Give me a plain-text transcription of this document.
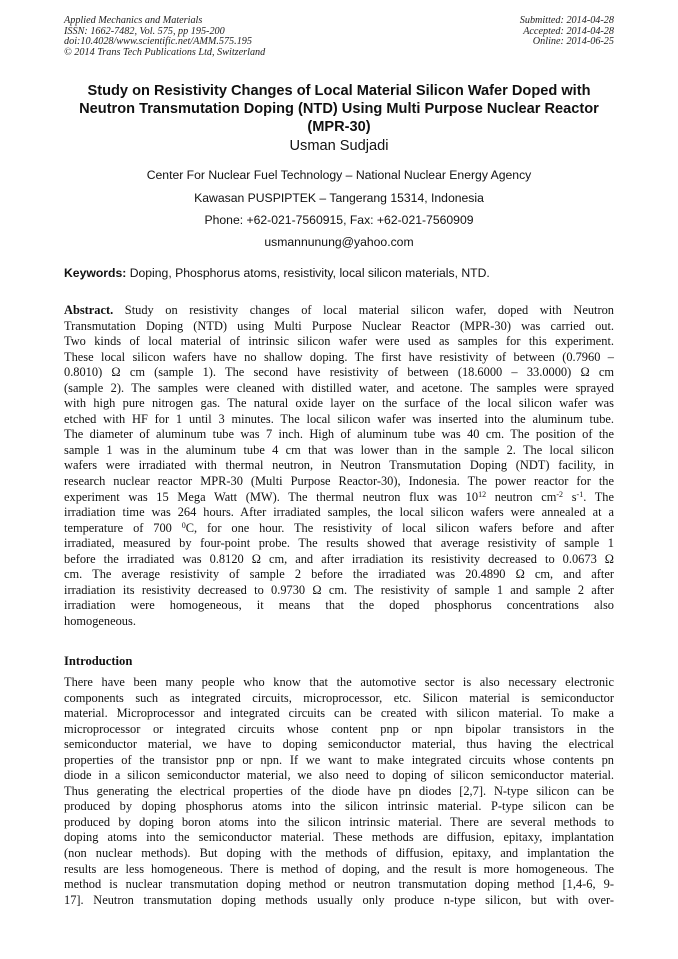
Applied Mechanics and Materials
ISSN: 1662-7482, Vol. 575, pp 195-200
doi:10.4028/www.scientific.net/AMM.575.195
© 2014 Trans Tech Publications Ltd, Switzerland
Submitted: 2014-04-28
Accepted: 2014-04-28
Online: 2014-06-25
Study on Resistivity Changes of Local Material Silicon Wafer Doped with Neutron Transmutation Doping (NTD) Using Multi Purpose Nuclear Reactor (MPR-30)
Usman Sudjadi
Center For Nuclear Fuel Technology – National Nuclear Energy Agency
Kawasan PUSPIPTEK – Tangerang 15314, Indonesia
Phone: +62-021-7560915, Fax: +62-021-7560909
usmannunung@yahoo.com
Keywords: Doping, Phosphorus atoms, resistivity, local silicon materials, NTD.
Abstract. Study on resistivity changes of local material silicon wafer, doped with Neutron
Transmutation Doping (NTD) using Multi Purpose Nuclear Reactor (MPR-30) was carried out.
Two kinds of local material of intrinsic silicon wafer were used as samples for this experiment.
These local silicon wafers have no shallow doping. The first have resistivity of between (0.7960 –
0.8010) Ω cm (sample 1). The second have resistivity of between (18.6000 – 33.0000) Ω cm
(sample 2). The samples were cleaned with distilled water, and acetone. The samples were sprayed
with high pure nitrogen gas. The natural oxide layer on the surface of the local silicon wafer was
etched with HF for 1 until 3 minutes. The local silicon wafer was inserted into the aluminum tube.
The diameter of aluminum tube was 7 inch. High of aluminum tube was 40 cm. The position of the
sample 1 was in the aluminum tube 4 cm that was lower than in the sample 2. The local silicon
wafers were irradiated with thermal neutron, in Neutron Transmutation Doping (NDT) facility, in
research nuclear reactor MPR-30 (Multi Purpose Reactor-30), Indonesia. The power reactor for the
experiment was 15 Mega Watt (MW). The thermal neutron flux was $10^{12}$ neutron $cm^{-2}$ $s^{-1}$. The
irradiation time was 264 hours. After irradiated samples, the local silicon wafers were annealed at a
temperature of 700 $^0$C, for one hour. The resistivity of local silicon wafers before and after
irradiated, measured by four-point probe. The results showed that average resistivity of sample 1
before the irradiated was 0.8120 Ω cm, and after irradiation its resistivity decreased to 0.0673 Ω
cm. The average resistivity of sample 2 before the irradiated was 20.4890 Ω cm, and after
irradiation its resistivity decreased to 0.9730 Ω cm. The resistivity of sample 1 and sample 2 after
irradiation were homogeneous, it means that the doped phosphorus concentrations also
homogeneous.
Introduction
There have been many people who know that the automotive sector is also necessary electronic
components such as integrated circuits, microprocessor, etc. Silicon material is semiconductor
material. Microprocessor and integrated circuits can be created with silicon material. To make a
microprocessor or integrated circuits whose content pnp or npn bipolar transistors in the
semiconductor material, we have to doping semiconductor material, thus having the electrical
properties of the transistor pnp or npn. If we want to make integrated circuits whose contents pn
diode in a silicon semiconductor material, we also need to doping of silicon semiconductor material.
Thus generating the electrical properties of the diode have pn diodes [2,7]. N-type silicon can be
produced by doping phosphorus atoms into the silicon intrinsic material. P-type silicon can be
produced by doping boron atoms into the silicon intrinsic material. There are several methods to
doping atoms into the semiconductor material. These methods are diffusion, epitaxy, implantation
(non nuclear methods). But doping with the methods of diffusion, epitaxy, and implantation the
results are less homogeneous. There is method of doping, and the result is more homogeneous. The
method is nuclear transmutation doping method or neutron transmutation doping method [1,4-6, 9-
17]. Neutron transmutation doping methods usually only produce n-type silicon, but with over-
